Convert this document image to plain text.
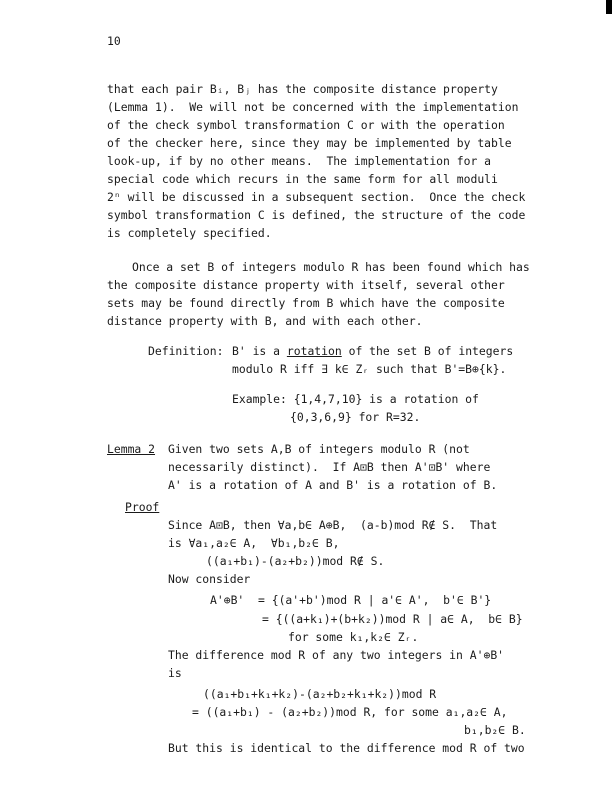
10
that each pair Bᵢ, Bⱼ has the composite distance property
(Lemma 1).  We will not be concerned with the implementation
of the check symbol transformation C or with the operation
of the checker here, since they may be implemented by table
look-up, if by no other means.  The implementation for a
special code which recurs in the same form for all moduli
2ⁿ will be discussed in a subsequent section.  Once the check
symbol transformation C is defined, the structure of the code
is completely specified.
Once a set B of integers modulo R has been found which has
the composite distance property with itself, several other
sets may be found directly from B which have the composite
distance property with B, and with each other.
Definition: B' is a rotation of the set B of integers
modulo R iff ∃ k∈ Zᵣ such that B'=B⊕{k}.
Example: {1,4,7,10} is a rotation of
{0,3,6,9} for R=32.
Lemma 2 Given two sets A,B of integers modulo R (not
necessarily distinct).  If A⊡B then A'⊡B' where
A' is a rotation of A and B' is a rotation of B.
Proof
Since A⊡B, then ∀a,b∈ A⊕B,  (a-b)mod R∉ S.  That
is ∀a₁,a₂∈ A,  ∀b₁,b₂∈ B,
((a₁+b₁)-(a₂+b₂))mod R∉ S.
Now consider
A'⊕B'  = {(a'+b')mod R | a'∈ A',  b'∈ B'}
= {((a+k₁)+(b+k₂))mod R | a∈ A,  b∈ B}
for some k₁,k₂∈ Zᵣ.
The difference mod R of any two integers in A'⊕B'
is
((a₁+b₁+k₁+k₂)-(a₂+b₂+k₁+k₂))mod R
= ((a₁+b₁) - (a₂+b₂))mod R, for some a₁,a₂∈ A,
b₁,b₂∈ B.
But this is identical to the difference mod R of two
